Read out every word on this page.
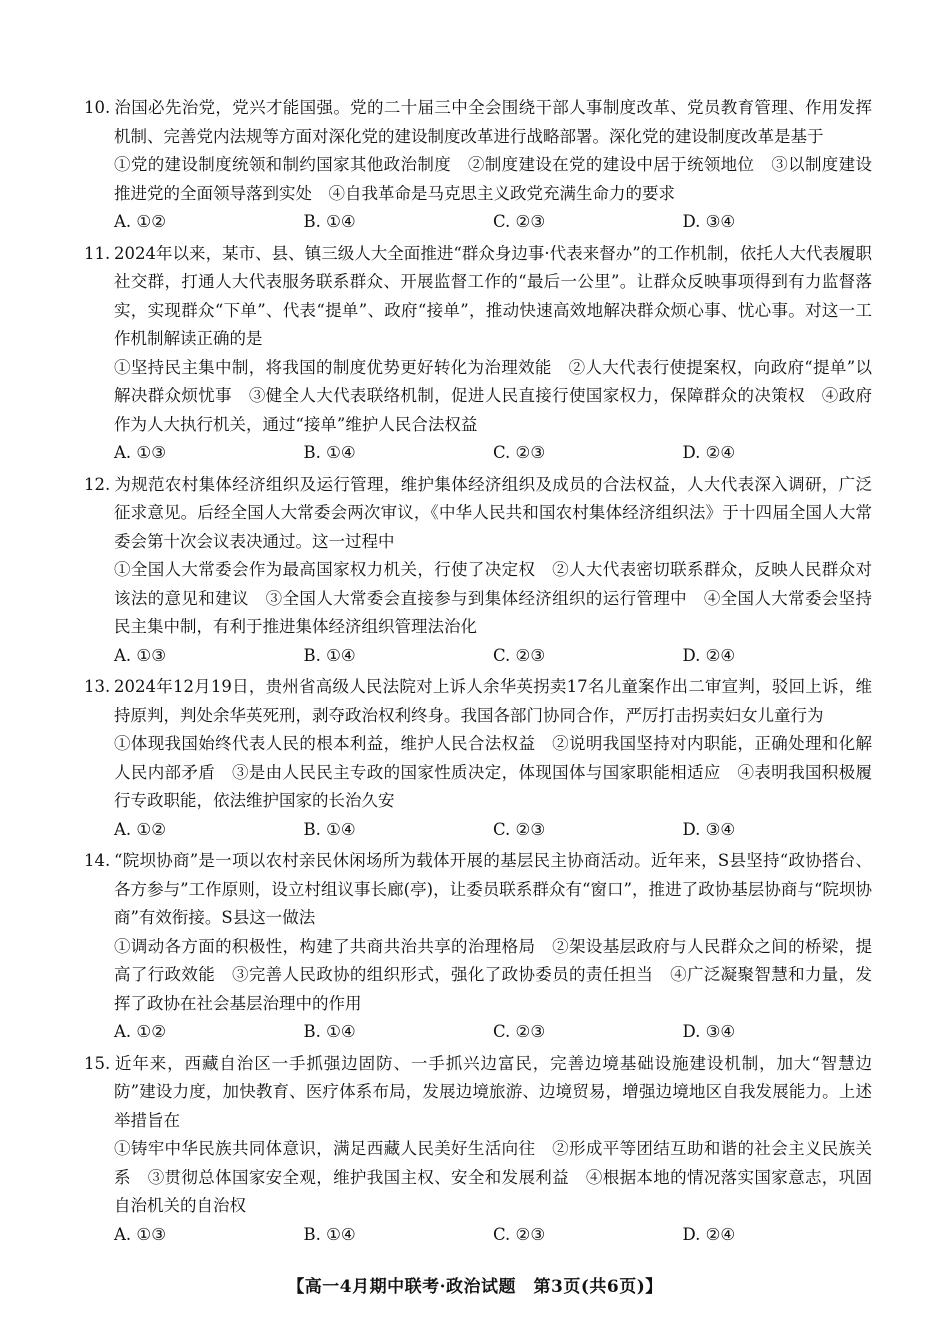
10. 治国必先治党，党兴才能国强。党的二十届三中全会围绕干部人事制度改革、党员教育管理、作用发挥机制、完善党内法规等方面对深化党的建设制度改革进行战略部署。深化党的建设制度改革是基于

①党的建设制度统领和制约国家其他政治制度　②制度建设在党的建设中居于统领地位　③以制度建设推进党的全面领导落到实处　④自我革命是马克思主义政党充满生命力的要求

A. ①②	B. ①④	C. ②③	D. ③④

11. 2024年以来，某市、县、镇三级人大全面推进“群众身边事·代表来督办”的工作机制，依托人大代表履职社交群，打通人大代表服务联系群众、开展监督工作的“最后一公里”。让群众反映事项得到有力监督落实，实现群众“下单”、代表“提单”、政府“接单”，推动快速高效地解决群众烦心事、忧心事。对这一工作机制解读正确的是

①坚持民主集中制，将我国的制度优势更好转化为治理效能　②人大代表行使提案权，向政府“提单”以解决群众烦忧事　③健全人大代表联络机制，促进人民直接行使国家权力，保障群众的决策权　④政府作为人大执行机关，通过“接单”维护人民合法权益

A. ①③	B. ①④	C. ②③	D. ②④

12. 为规范农村集体经济组织及运行管理，维护集体经济组织及成员的合法权益，人大代表深入调研，广泛征求意见。后经全国人大常委会两次审议，《中华人民共和国农村集体经济组织法》于十四届全国人大常委会第十次会议表决通过。这一过程中

①全国人大常委会作为最高国家权力机关，行使了决定权　②人大代表密切联系群众，反映人民群众对该法的意见和建议　③全国人大常委会直接参与到集体经济组织的运行管理中　④全国人大常委会坚持民主集中制，有利于推进集体经济组织管理法治化

A. ①③	B. ①④	C. ②③	D. ②④

13. 2024年12月19日，贵州省高级人民法院对上诉人余华英拐卖17名儿童案作出二审宣判，驳回上诉，维持原判，判处余华英死刑，剥夺政治权利终身。我国各部门协同合作，严厉打击拐卖妇女儿童行为

①体现我国始终代表人民的根本利益，维护人民合法权益　②说明我国坚持对内职能，正确处理和化解人民内部矛盾　③是由人民民主专政的国家性质决定，体现国体与国家职能相适应　④表明我国积极履行专政职能，依法维护国家的长治久安

A. ①②	B. ①④	C. ②③	D. ③④

14. “院坝协商”是一项以农村亲民休闲场所为载体开展的基层民主协商活动。近年来，S县坚持“政协搭台、各方参与”工作原则，设立村组议事长廊(亭)，让委员联系群众有“窗口”，推进了政协基层协商与“院坝协商”有效衔接。S县这一做法

①调动各方面的积极性，构建了共商共治共享的治理格局　②架设基层政府与人民群众之间的桥梁，提高了行政效能　③完善人民政协的组织形式，强化了政协委员的责任担当　④广泛凝聚智慧和力量，发挥了政协在社会基层治理中的作用

A. ①②	B. ①④	C. ②③	D. ③④

15. 近年来，西藏自治区一手抓强边固防、一手抓兴边富民，完善边境基础设施建设机制，加大“智慧边防”建设力度，加快教育、医疗体系布局，发展边境旅游、边境贸易，增强边境地区自我发展能力。上述举措旨在

①铸牢中华民族共同体意识，满足西藏人民美好生活向往　②形成平等团结互助和谐的社会主义民族关系　③贯彻总体国家安全观，维护我国主权、安全和发展利益　④根据本地的情况落实国家意志，巩固自治机关的自治权

A. ①③	B. ①④	C. ②③	D. ②④
【高一4月期中联考·政治试题　第3页(共6页)】
